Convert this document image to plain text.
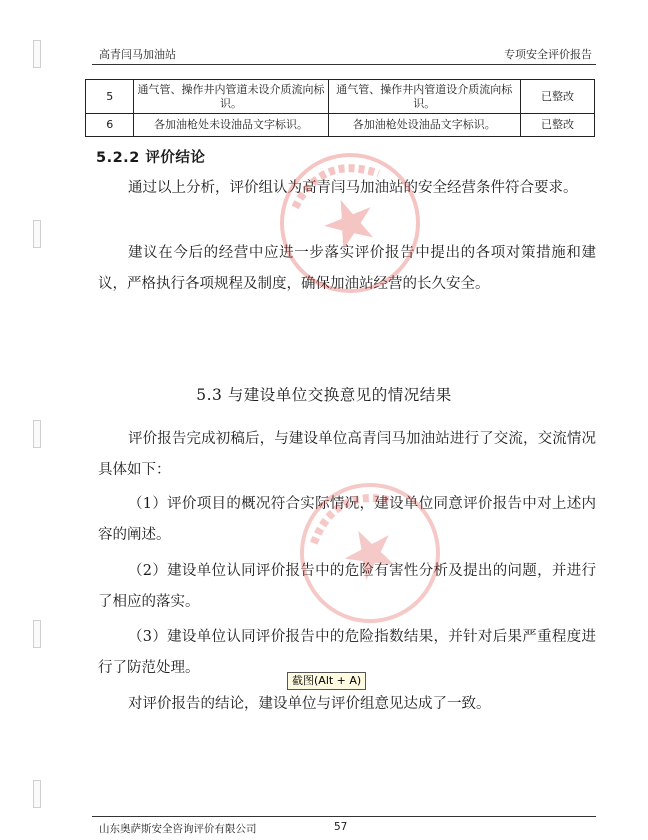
高青闫马加油站	专项安全评价报告
5	通气管、操作井内管道未设介质流向标识。	通气管、操作井内管道设介质流向标识。	已整改
6	各加油枪处未设油品文字标识。	各加油枪处设油品文字标识。	已整改
5.2.2 评价结论
通过以上分析，评价组认为高青闫马加油站的安全经营条件符合要求。
建议在今后的经营中应进一步落实评价报告中提出的各项对策措施和建议，严格执行各项规程及制度，确保加油站经营的长久安全。
5.3 与建设单位交换意见的情况结果
评价报告完成初稿后，与建设单位高青闫马加油站进行了交流，交流情况具体如下：
（1）评价项目的概况符合实际情况，建设单位同意评价报告中对上述内容的阐述。
（2）建设单位认同评价报告中的危险有害性分析及提出的问题，并进行了相应的落实。
（3）建设单位认同评价报告中的危险指数结果，并针对后果严重程度进行了防范处理。
对评价报告的结论，建设单位与评价组意见达成了一致。
截图(Alt + A)
山东奥萨斯安全咨询评价有限公司	57
